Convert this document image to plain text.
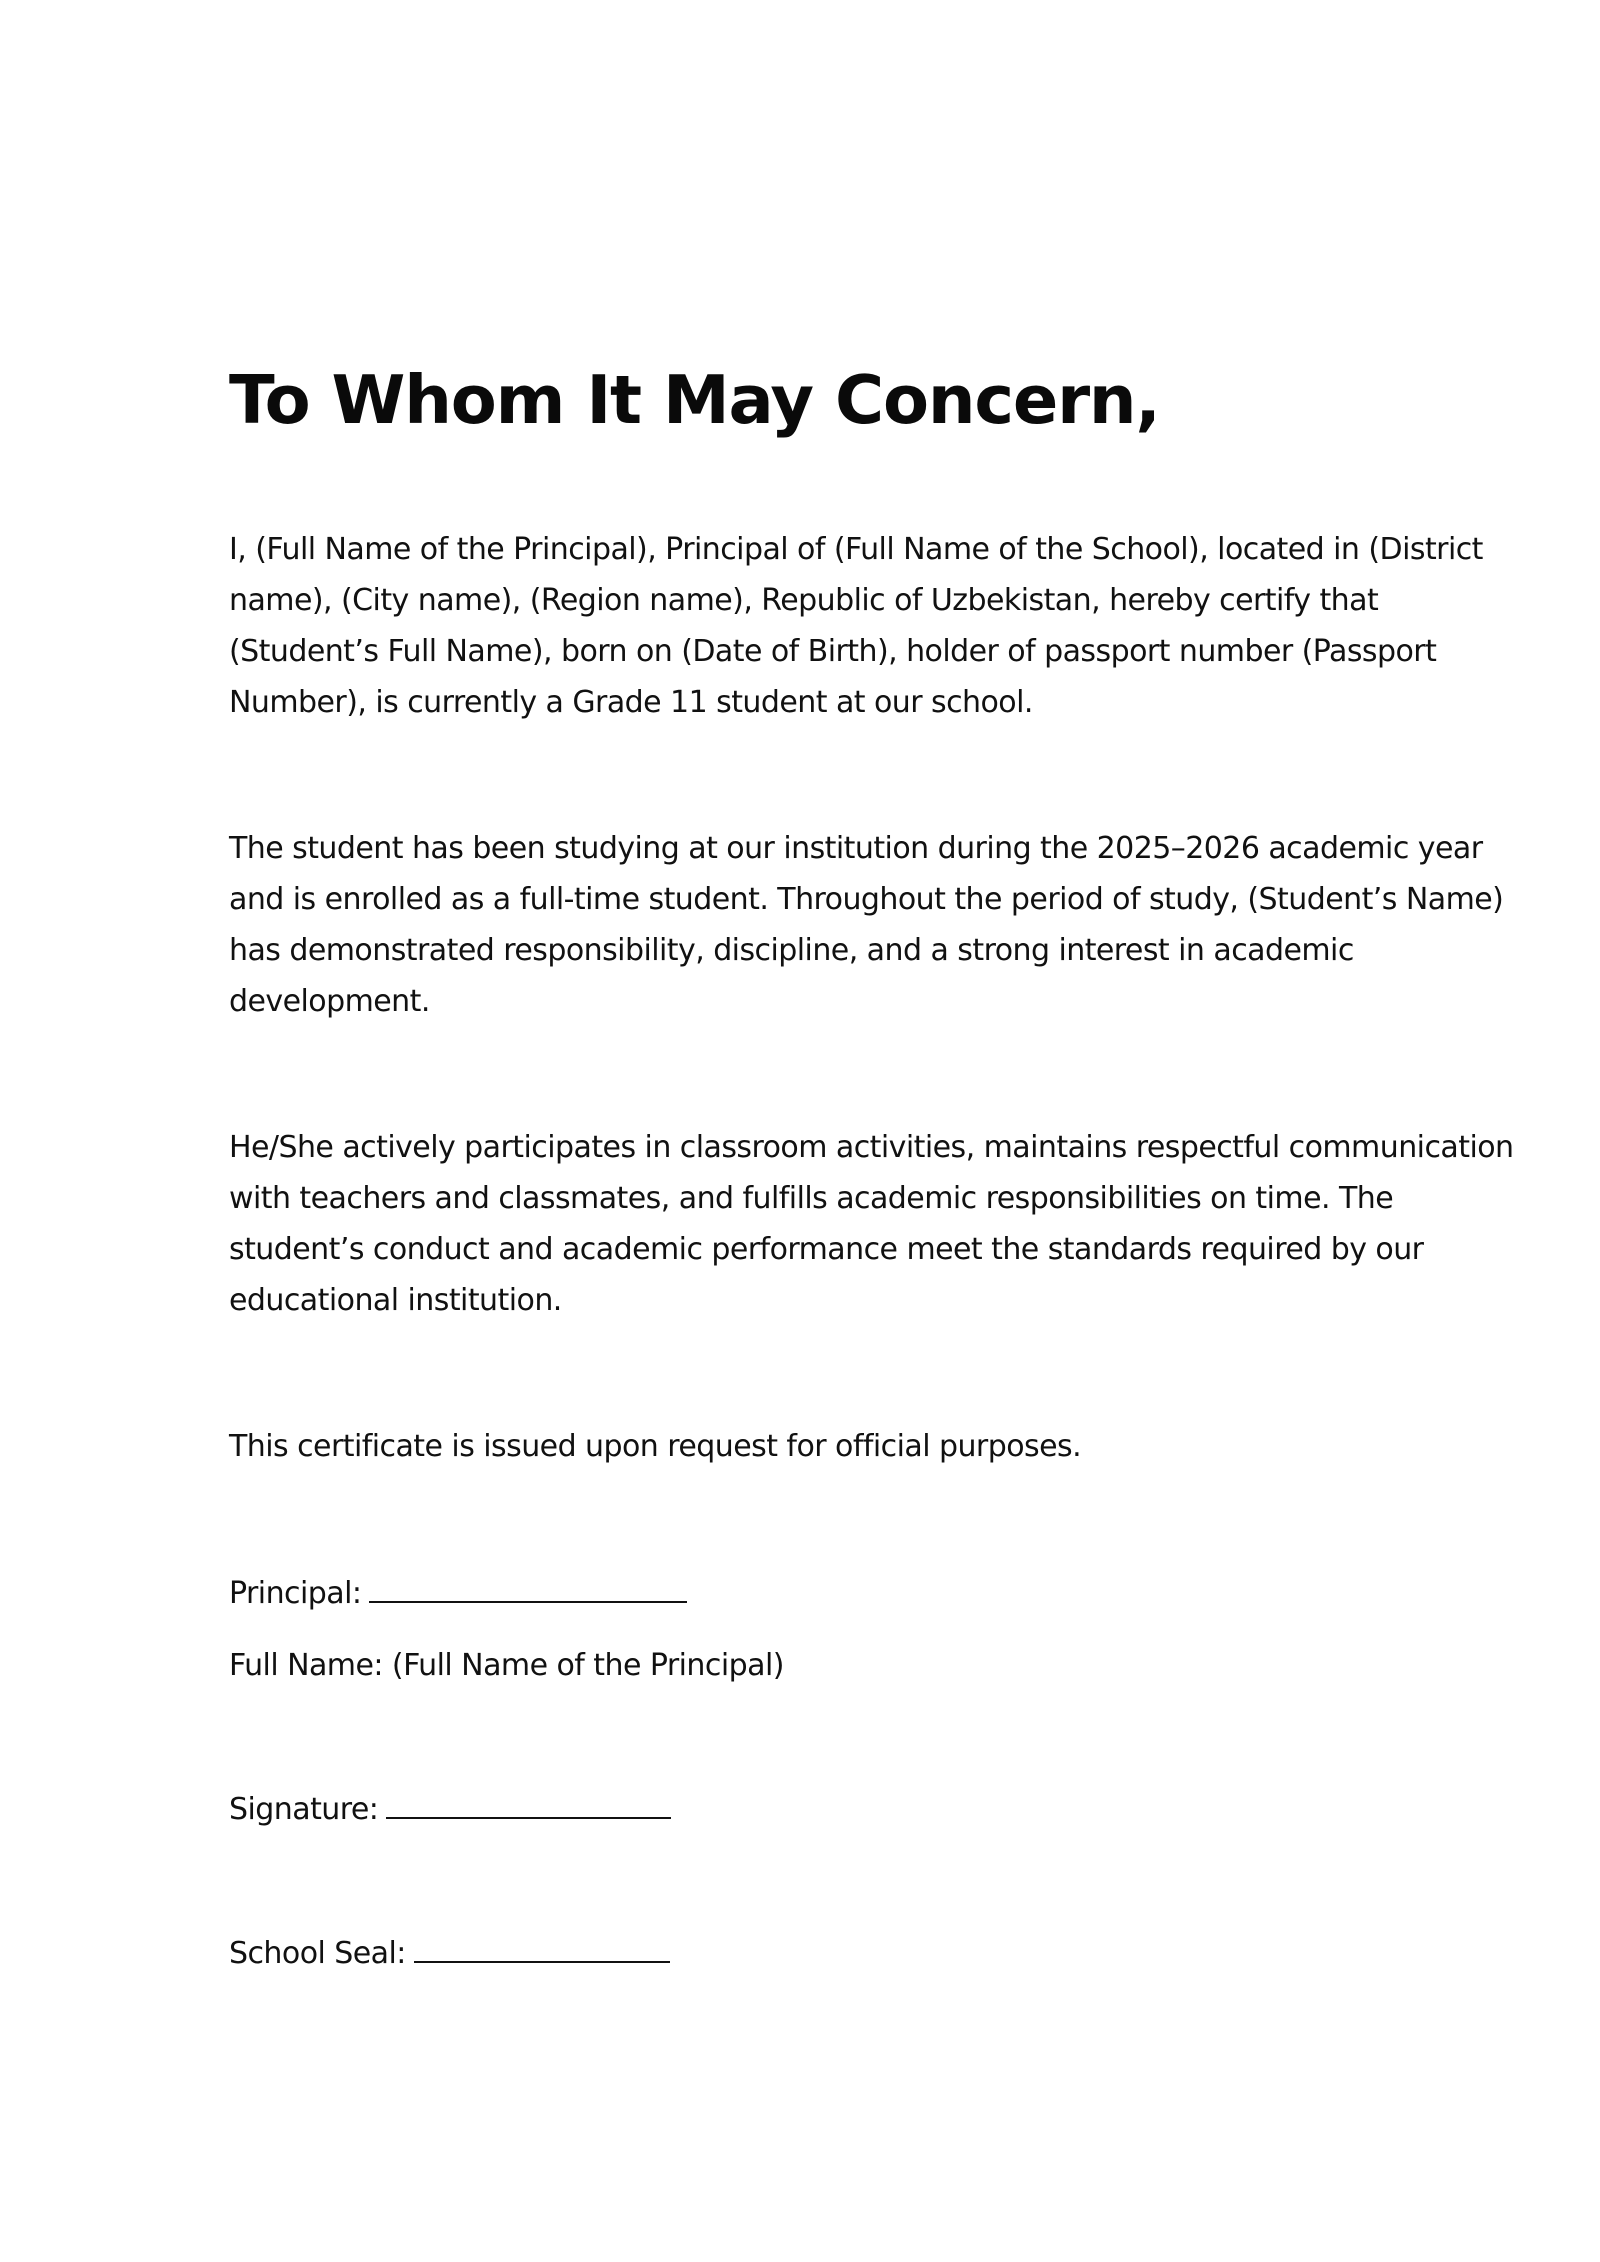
To Whom It May Concern,

I, (Full Name of the Principal), Principal of (Full Name of the School), located in (District name), (City name), (Region name), Republic of Uzbekistan, hereby certify that (Student’s Full Name), born on (Date of Birth), holder of passport number (Passport Number), is currently a Grade 11 student at our school.

The student has been studying at our institution during the 2025–2026 academic year and is enrolled as a full-time student. Throughout the period of study, (Student’s Name) has demonstrated responsibility, discipline, and a strong interest in academic development.

He/She actively participates in classroom activities, maintains respectful communication with teachers and classmates, and fulfills academic responsibilities on time. The student’s conduct and academic performance meet the standards required by our educational institution.

This certificate is issued upon request for official purposes.

Principal:

Full Name: (Full Name of the Principal)

Signature:

School Seal:
